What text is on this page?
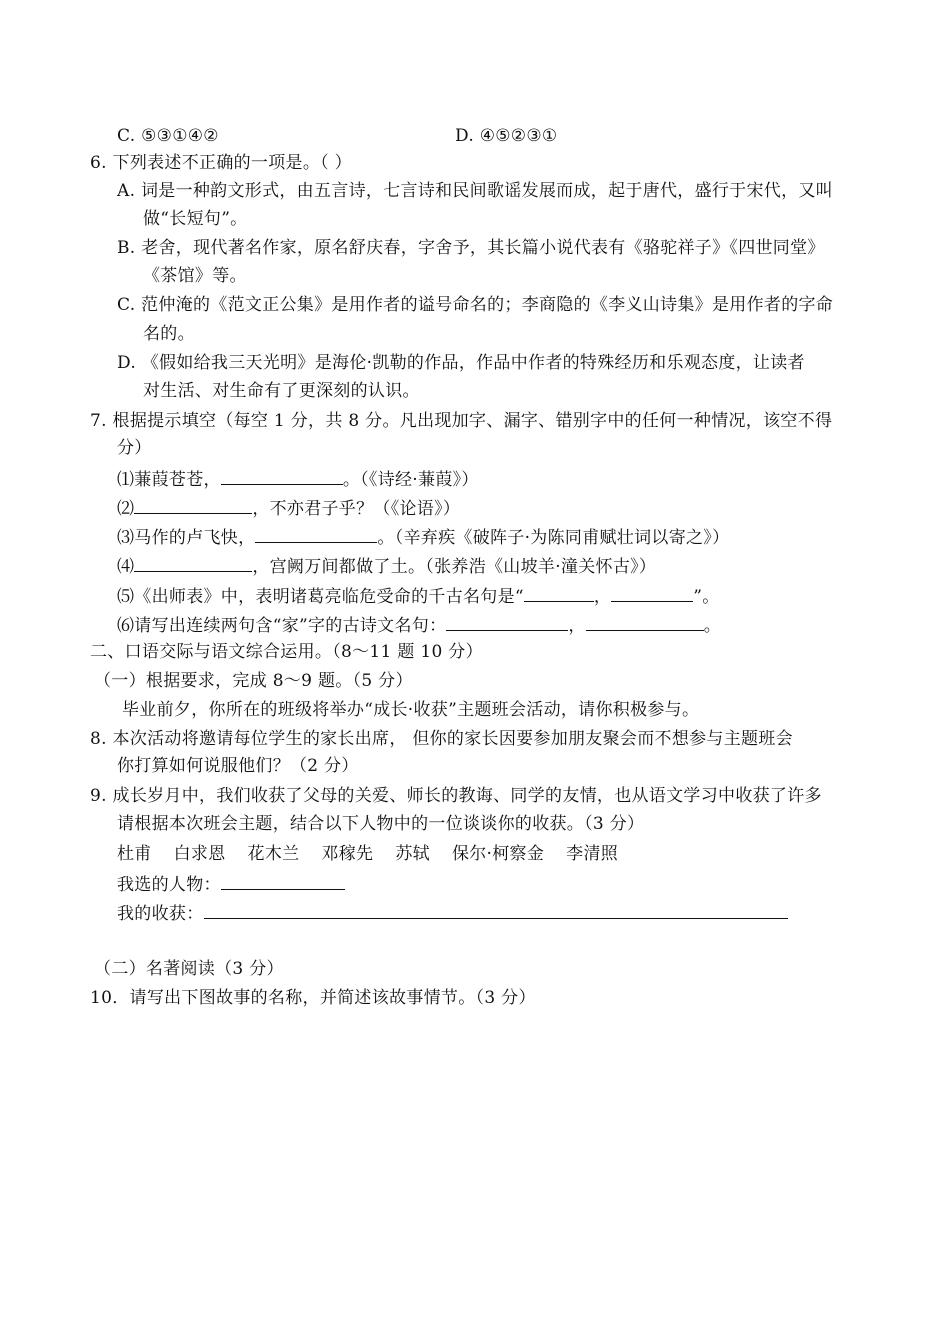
C. ⑤③①④②	D. ④⑤②③①
6. 下列表述不正确的一项是。（ ）
A. 词是一种韵文形式，由五言诗，七言诗和民间歌谣发展而成，起于唐代，盛行于宋代，又叫
做“长短句”。
B. 老舍，现代著名作家，原名舒庆春，字舍予，其长篇小说代表有《骆驼祥子》《四世同堂》
《茶馆》等。
C. 范仲淹的《范文正公集》是用作者的谥号命名的；李商隐的《李义山诗集》是用作者的字命
名的。
D. 《假如给我三天光明》是海伦·凯勒的作品，作品中作者的特殊经历和乐观态度，让读者
对生活、对生命有了更深刻的认识。
7. 根据提示填空（每空 1 分，共 8 分。凡出现加字、漏字、错别字中的任何一种情况，该空不得
分）
⑴蒹葭苍苍，	。（《诗经·蒹葭》）
⑵	，不亦君子乎？（《论语》）
⑶马作的卢飞快，	。（辛弃疾《破阵子·为陈同甫赋壮词以寄之》）
⑷	，宫阙万间都做了土。（张养浩《山坡羊·潼关怀古》）
⑸《出师表》中，表明诸葛亮临危受命的千古名句是“	，	”。
⑹请写出连续两句含“家”字的古诗文名句：	，	。
二、口语交际与语文综合运用。（8～11 题 10 分）
（一）根据要求，完成 8～9 题。（5 分）
毕业前夕，你所在的班级将举办“成长·收获”主题班会活动，请你积极参与。
8. 本次活动将邀请每位学生的家长出席， 但你的家长因要参加朋友聚会而不想参与主题班会
你打算如何说服他们？（2 分）
9. 成长岁月中，我们收获了父母的关爱、师长的教诲、同学的友情，也从语文学习中收获了许多
请根据本次班会主题，结合以下人物中的一位谈谈你的收获。（3 分）
杜甫 白求恩 花木兰 邓稼先 苏轼 保尔·柯察金 李清照
我选的人物：
我的收获：
（二）名著阅读（3 分）
10．请写出下图故事的名称，并简述该故事情节。（3 分）
